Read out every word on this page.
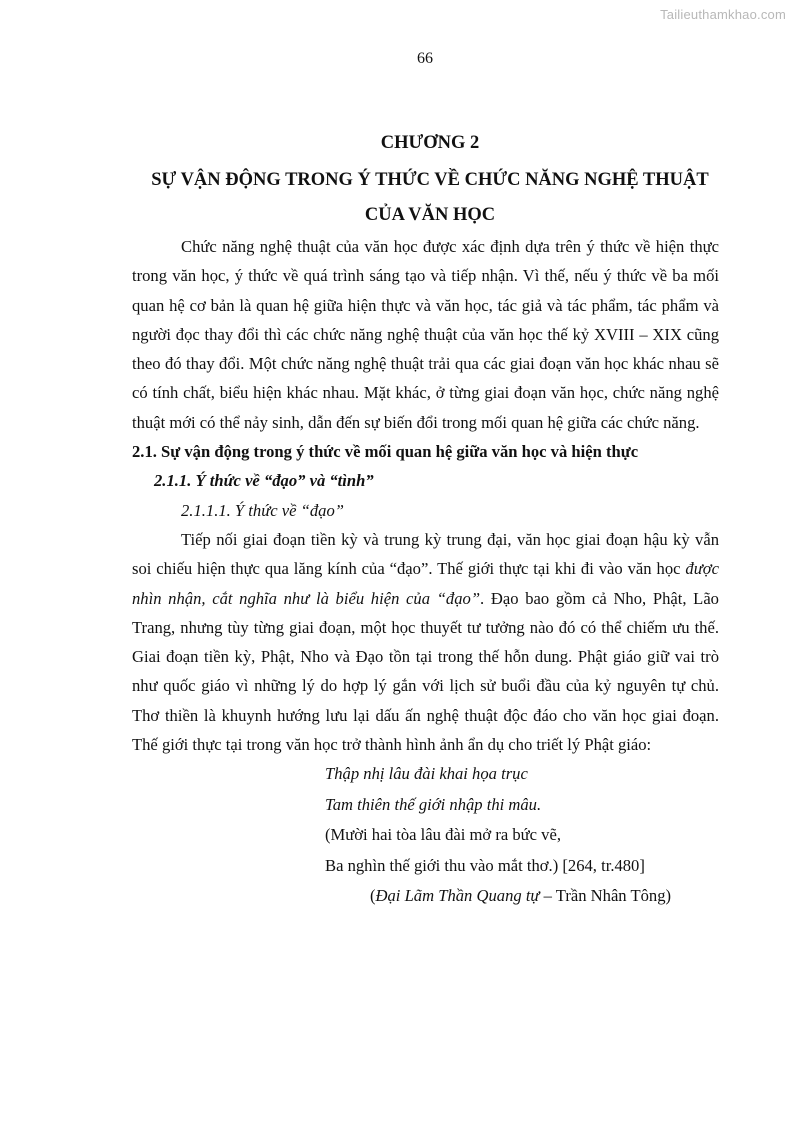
Tailieuthamkhao.com
66
CHƯƠNG 2
SỰ VẬN ĐỘNG TRONG Ý THỨC VỀ CHỨC NĂNG NGHỆ THUẬT
CỦA VĂN HỌC

Chức năng nghệ thuật của văn học được xác định dựa trên ý thức về hiện thực trong văn học, ý thức về quá trình sáng tạo và tiếp nhận. Vì thế, nếu ý thức về ba mối quan hệ cơ bản là quan hệ giữa hiện thực và văn học, tác giả và tác phẩm, tác phẩm và người đọc thay đổi thì các chức năng nghệ thuật của văn học thế kỷ XVIII – XIX cũng theo đó thay đổi. Một chức năng nghệ thuật trải qua các giai đoạn văn học khác nhau sẽ có tính chất, biểu hiện khác nhau. Mặt khác, ở từng giai đoạn văn học, chức năng nghệ thuật mới có thể nảy sinh, dẫn đến sự biến đổi trong mối quan hệ giữa các chức năng.

2.1. Sự vận động trong ý thức về mối quan hệ giữa văn học và hiện thực

2.1.1. Ý thức về “đạo” và “tình”

2.1.1.1. Ý thức về “đạo”

Tiếp nối giai đoạn tiền kỳ và trung kỳ trung đại, văn học giai đoạn hậu kỳ vẫn soi chiếu hiện thực qua lăng kính của “đạo”. Thế giới thực tại khi đi vào văn học được nhìn nhận, cắt nghĩa như là biểu hiện của “đạo”. Đạo bao gồm cả Nho, Phật, Lão Trang, nhưng tùy từng giai đoạn, một học thuyết tư tưởng nào đó có thể chiếm ưu thế. Giai đoạn tiền kỳ, Phật, Nho và Đạo tồn tại trong thế hỗn dung. Phật giáo giữ vai trò như quốc giáo vì những lý do hợp lý gắn với lịch sử buổi đầu của kỷ nguyên tự chủ. Thơ thiền là khuynh hướng lưu lại dấu ấn nghệ thuật độc đáo cho văn học giai đoạn. Thế giới thực tại trong văn học trở thành hình ảnh ẩn dụ cho triết lý Phật giáo:

Thập nhị lâu đài khai họa trục
Tam thiên thế giới nhập thi mâu.
(Mười hai tòa lâu đài mở ra bức vẽ,
Ba nghìn thế giới thu vào mắt thơ.) [264, tr.480]
(Đại Lãm Thần Quang tự – Trần Nhân Tông)
